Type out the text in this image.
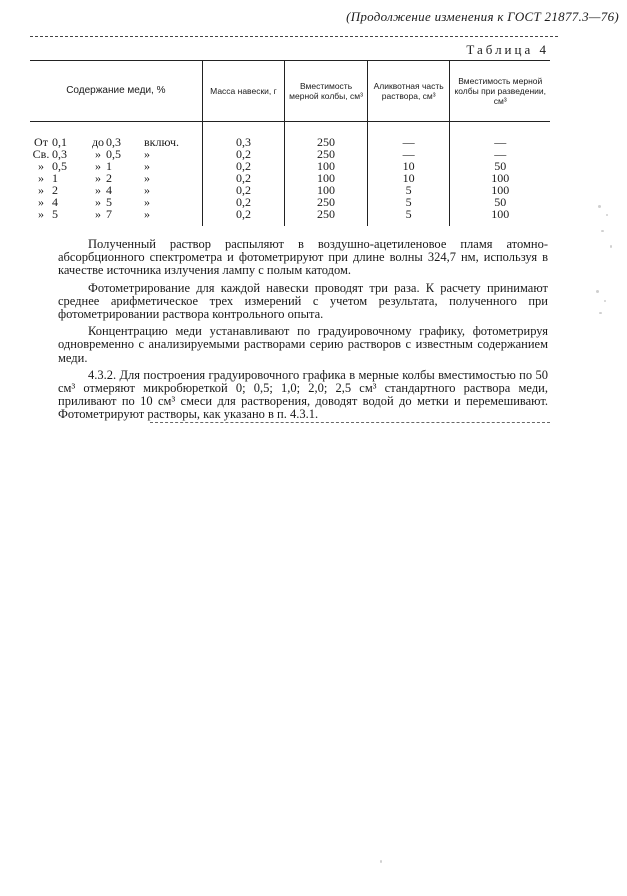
(Продолжение изменения к ГОСТ 21877.3—76)
Таблица 4
Содержание меди, %	Масса навески, г	Вместимость мерной колбы, см³	Аликвотная часть раствора, см³	Вместимость мерной колбы при разведении, см³
От 0,1 до 0,3 включ.	0,3	250	—	—
Св. 0,3 » 0,5 »	0,2	250	—	—
» 0,5 » 1 »	0,2	100	10	50
» 1 » 2 »	0,2	100	10	100
» 2 » 4 »	0,2	100	5	100
» 4 » 5 »	0,2	250	5	50
» 5 » 7 »	0,2	250	5	100

Полученный раствор распыляют в воздушно-ацетиленовое пламя атомно-абсорбционного спектрометра и фотометрируют при длине волны 324,7 нм, используя в качестве источника излучения лампу с полым катодом.

Фотометрирование для каждой навески проводят три раза. К расчету принимают среднее арифметическое трех измерений с учетом результата, полученного при фотометрировании раствора контрольного опыта.

Концентрацию меди устанавливают по градуировочному графику, фотометрируя одновременно с анализируемыми растворами серию растворов с известным содержанием меди.

4.3.2. Для построения градуировочного графика в мерные колбы вместимостью по 50 см³ отмеряют микробюреткой 0; 0,5; 1,0; 2,0; 2,5 см³ стандартного раствора меди, приливают по 10 см³ смеси для растворения, доводят водой до метки и перемешивают. Фотометрируют растворы, как указано в п. 4.3.1.
